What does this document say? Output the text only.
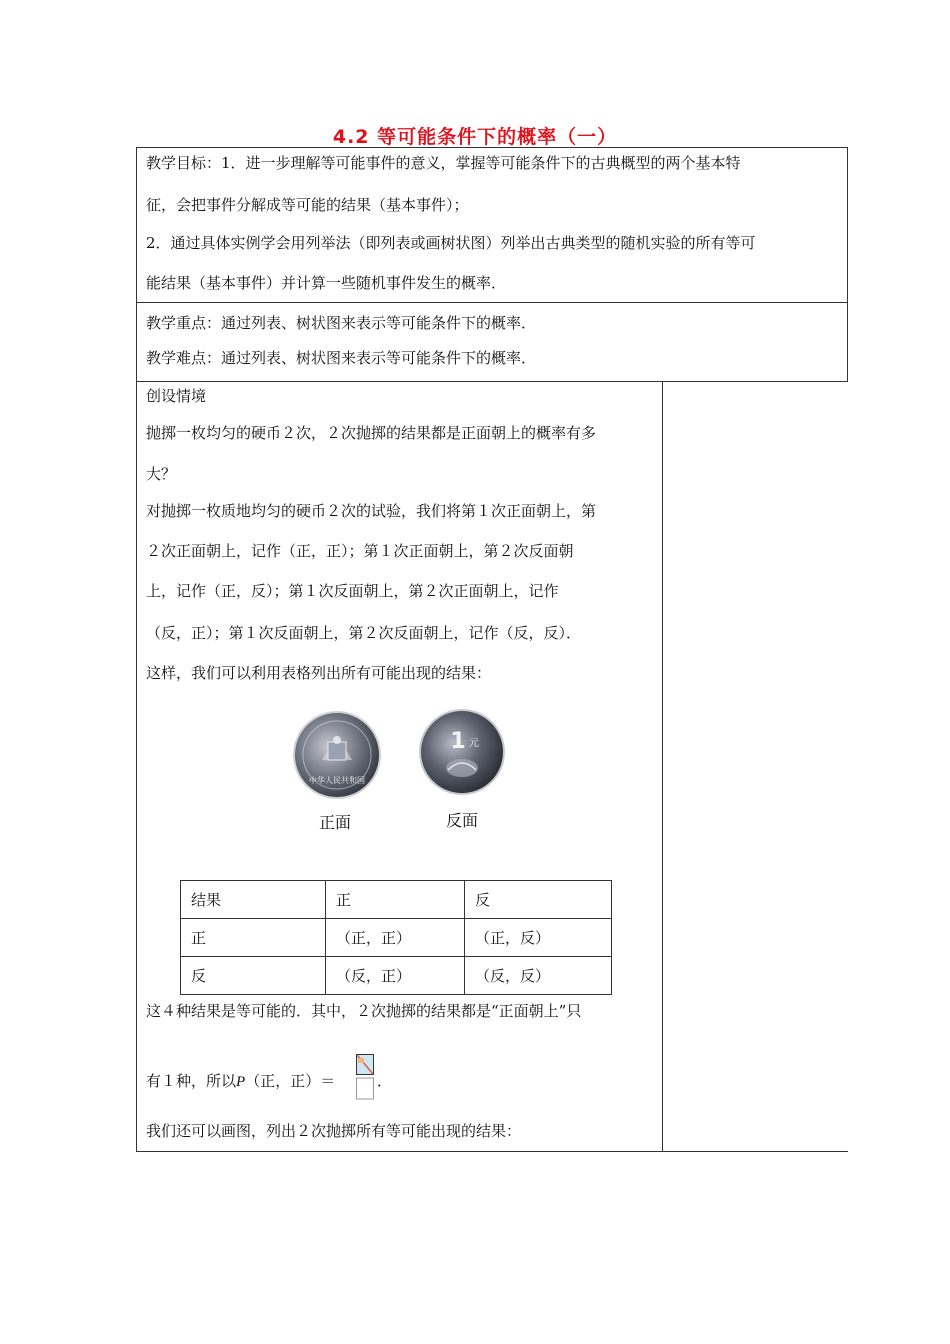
4.2 等可能条件下的概率（一）
教学目标：1．进一步理解等可能事件的意义，掌握等可能条件下的古典概型的两个基本特
征，会把事件分解成等可能的结果（基本事件）；
2．通过具体实例学会用列举法（即列表或画树状图）列举出古典类型的随机实验的所有等可
能结果（基本事件）并计算一些随机事件发生的概率．
教学重点：通过列表、树状图来表示等可能条件下的概率．
教学难点：通过列表、树状图来表示等可能条件下的概率．
创设情境
抛掷一枚均匀的硬币２次，２次抛掷的结果都是正面朝上的概率有多
大？
对抛掷一枚质地均匀的硬币２次的试验，我们将第１次正面朝上，第
２次正面朝上，记作（正，正）；第１次正面朝上，第２次反面朝
上，记作（正，反）；第１次反面朝上，第２次正面朝上，记作
（反，正）；第１次反面朝上，第２次反面朝上，记作（反，反）．
这样，我们可以利用表格列出所有可能出现的结果：
中华人民共和国
1 元
正面	反面
结果	正	反
正	（正，正）	（正，反）
反	（反，正）	（反，反）
这４种结果是等可能的．其中，２次抛掷的结果都是“正面朝上”只
有１种，所以P（正，正）＝	．
我们还可以画图，列出２次抛掷所有等可能出现的结果：
